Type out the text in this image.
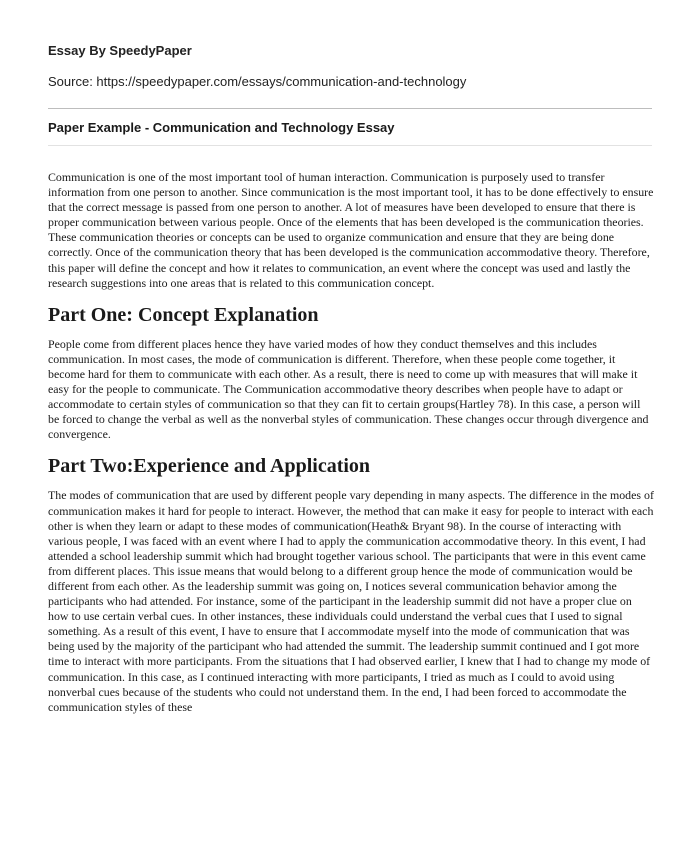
Essay By SpeedyPaper
Source: https://speedypaper.com/essays/communication-and-technology
Paper Example - Communication and Technology Essay

Communication is one of the most important tool of human interaction. Communication is purposely used to transfer information from one person to another. Since communication is the most important tool, it has to be done effectively to ensure that the correct message is passed from one person to another. A lot of measures have been developed to ensure that there is proper communication between various people. Once of the elements that has been developed is the communication theories. These communication theories or concepts can be used to organize communication and ensure that they are being done correctly. Once of the communication theory that has been developed is the communication accommodative theory. Therefore, this paper will define the concept and how it relates to communication, an event where the concept was used and lastly the research suggestions into one areas that is related to this communication concept.

Part One: Concept Explanation

People come from different places hence they have varied modes of how they conduct themselves and this includes communication. In most cases, the mode of communication is different. Therefore, when these people come together, it become hard for them to communicate with each other. As a result, there is need to come up with measures that will make it easy for the people to communicate. The Communication accommodative theory describes when people have to adapt or accommodate to certain styles of communication so that they can fit to certain groups(Hartley 78). In this case, a person will be forced to change the verbal as well as the nonverbal styles of communication. These changes occur through divergence and convergence.

Part Two:Experience and Application

The modes of communication that are used by different people vary depending in many aspects. The difference in the modes of communication makes it hard for people to interact. However, the method that can make it easy for people to interact with each other is when they learn or adapt to these modes of communication(Heath& Bryant 98). In the course of interacting with various people, I was faced with an event where I had to apply the communication accommodative theory. In this event, I had attended a school leadership summit which had brought together various school. The participants that were in this event came from different places. This issue means that would belong to a different group hence the mode of communication would be different from each other. As the leadership summit was going on, I notices several communication behavior among the participants who had attended. For instance, some of the participant in the leadership summit did not have a proper clue on how to use certain verbal cues. In other instances, these individuals could understand the verbal cues that I used to signal something. As a result of this event, I have to ensure that I accommodate myself into the mode of communication that was being used by the majority of the participant who had attended the summit. The leadership summit continued and I got more time to interact with more participants. From the situations that I had observed earlier, I knew that I had to change my mode of communication. In this case, as I continued interacting with more participants, I tried as much as I could to avoid using nonverbal cues because of the students who could not understand them. In the end, I had been forced to accommodate the communication styles of these
